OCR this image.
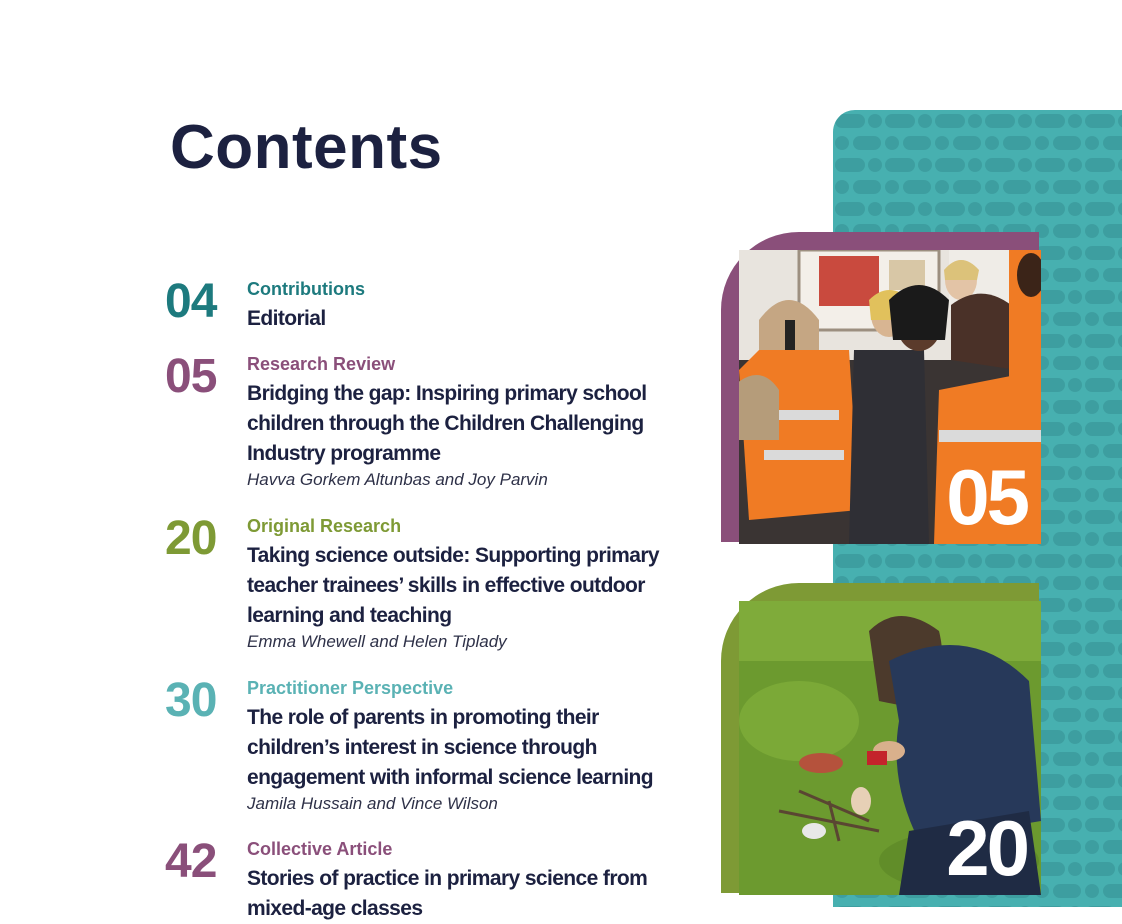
Contents
04 Contributions

Editorial

05 Research Review

Bridging the gap: Inspiring primary school children through the Children Challenging Industry programme

Havva Gorkem Altunbas and Joy Parvin

20 Original Research

Taking science outside: Supporting primary teacher trainees’ skills in effective outdoor learning and teaching

Emma Whewell and Helen Tiplady

30 Practitioner Perspective

The role of parents in promoting their children’s interest in science through engagement with informal science learning

Jamila Hussain and Vince Wilson

42 Collective Article

Stories of practice in primary science from mixed-age classes

05
20
